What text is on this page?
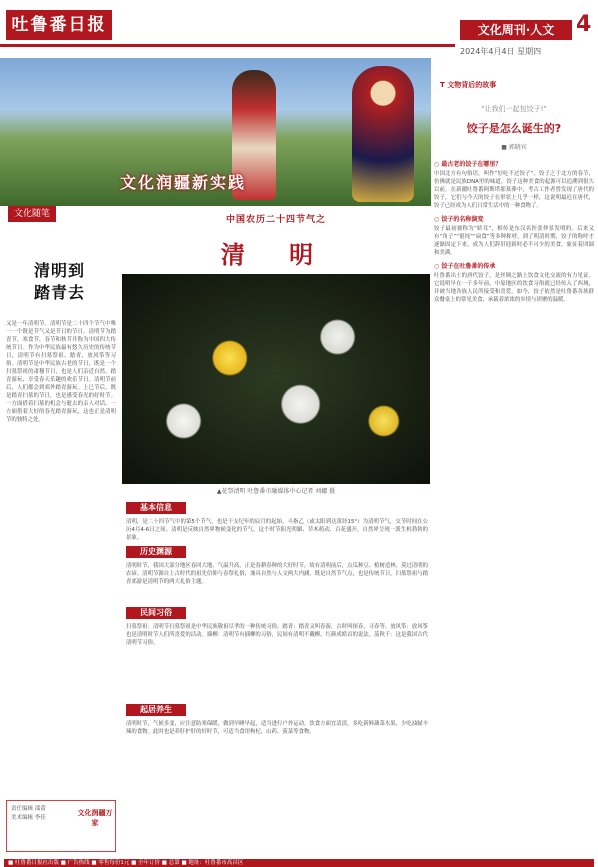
吐鲁番日报	文化周刊·人文 4
2024年4月4日 星期四
文化润疆新实践
文化随笔
清明到
踏青去
又是一年清明节。清明节是二十四个节气中唯一一个既是节气又是节日的节日。清明节为踏青节，寒食节，春节和秋节并称为中国四大传统节日。作为中华民族最有悠久历史的传统节日，清明节有扫墓祭祖、踏青、放风筝等习俗。清明节是中华民族古老的节日，既是一个扫墓祭祖的肃穆节日，也是人们亲近自然、踏青游玩、享受春天乐趣的欢乐节日。清明节前后，人们都会到郊外踏青游玩。上巳节后，既是踏青扫墓的节日，也是感受春光的好时节。一方面借着扫墓的机会与逝去的亲人对话，一方面借着大好的春光踏青游玩，这也正是清明节的独特之处。
责任编辑 邵蕾
美术编辑 李佳
文化润疆万家
中国农历二十四节气之
清 明
▲花祭清明 吐鲁番市融媒体中心记者 刘娜 摄
基本信息
清明，是二十四节气中的第5个节气，也是干支纪年的辰月的起始。斗指乙（或太阳到达黄经15°）为清明节气，交节时间在公历4月4-6日之间。清明是反映自然界物候变化的节气，这个时节阳光明媚、草木萌动、百花盛开，自然界呈现一派生机勃勃的景象。
历史渊源
清明时节，我国大部分地区春回大地、气温升高，正是春耕春种的大好时节，故有清明前后，点瓜种豆、植树造林，莫过清明的农谚。清明节源自上古时代的祖先信仰与春祭礼俗，兼具自然与人文两大内涵，既是自然节气点，也是传统节日。扫墓祭祖与踏青郊游是清明节的两大礼俗主题。
民间习俗
扫墓祭祖：清明节扫墓祭祖是中华民族敬祖尽孝的一种传统习俗。踏青：踏青又叫春游，古时叫探春、寻春等。放风筝：放风筝也是清明时节人们所喜爱的活动。插柳：清明节有插柳的习俗，民间有清明不戴柳、红颜成皓首的说法。荡秋千：这是我国古代清明节习俗。
起居养生
清明时节，气候多变，应注意防寒保暖，做到早睡早起，适当进行户外运动。饮食方面宜清淡，多吃新鲜蔬菜水果，少吃油腻辛辣的食物。此时也是养肝护肝的好时节，可适当食用枸杞、山药、菠菜等食物。
T 文物背后的故事
“让我们一起包饺子!”
饺子是怎么诞生的?
■ 郭晓宾
○ 最古老的饺子在哪里？
中国北方有句俗语，叫作“好吃不过饺子”。饺子之于北方的春节，仿佛就是民族DNA里的味道。饺子这种美食的起源可以追溯到很久以前。在新疆吐鲁番阿斯塔那墓葬中，考古工作者曾发现了唐代的饺子，它们与今天的饺子在形状上几乎一样，这说明最迟在唐代，饺子已经成为人们日常生活中的一种食物了。
○ 饺子的名称演变
饺子最初被称为“娇耳”，相传是东汉名医张仲景发明的。后来又有“角子”“馄饨”“扁食”等多种称呼。到了明清时期，饺子的称呼才逐渐固定下来，成为人们辞旧迎新时必不可少的美食，象征着团圆和美满。
○ 饺子在吐鲁番的传承
吐鲁番出土的唐代饺子，是丝绸之路上饮食文化交流的有力见证。它说明早在一千多年前，中原地区的饮食习俗就已经传入了西域，并被当地各族人民所接受和喜爱。如今，饺子依然是吐鲁番各族群众餐桌上的常见美食，承载着浓浓的乡情与团聚的温暖。
■ 吐鲁番日报社出版 ■ 广告热线 ■ 零售每份1元 ■ 全年订价 ■ 总第 ■ 地址：吐鲁番市高昌区
